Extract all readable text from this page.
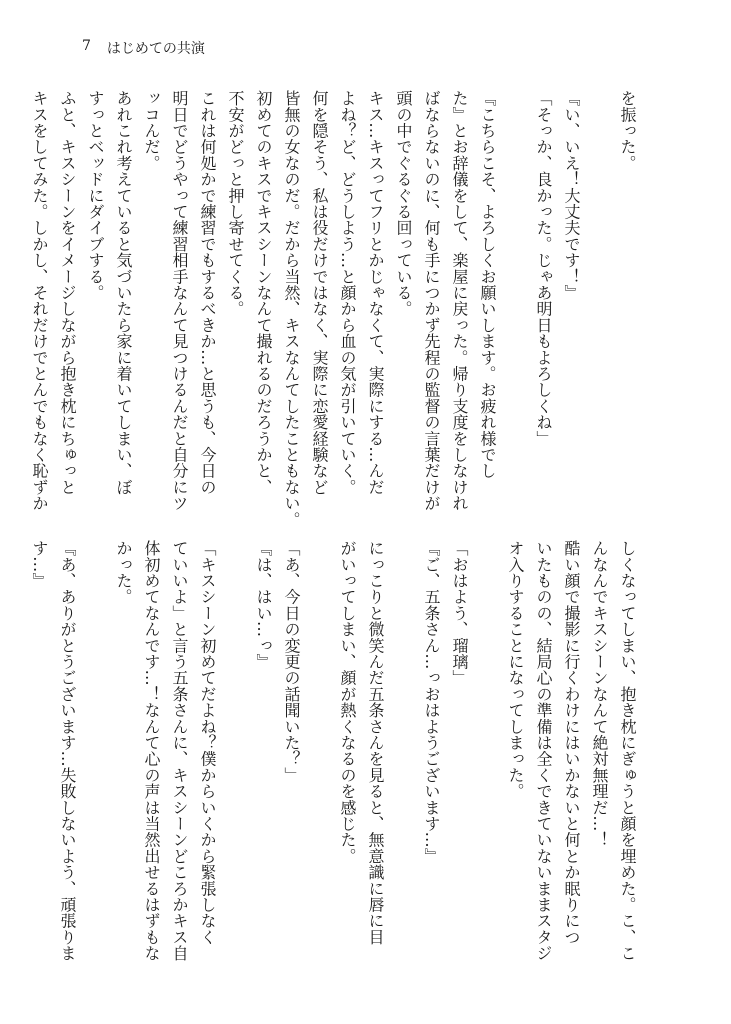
7 はじめての共演
を振った。
『い、いえ！大丈夫です！』
「そっか、良かった。じゃあ明日もよろしくね」
『こちらこそ、よろしくお願いします。お疲れ様でし
た』とお辞儀をして、楽屋に戻った。帰り支度をしなけれ
ばならないのに、何も手につかず先程の監督の言葉だけが
頭の中でぐるぐる回っている。
キス…キスってフリとかじゃなくて、実際にする…んだ
よね？ど、どうしよう…と顔から血の気が引いていく。
何を隠そう、私は役だけではなく、実際に恋愛経験など
皆無の女なのだ。だから当然、キスなんてしたこともない。
初めてのキスでキスシーンなんて撮れるのだろうかと、
不安がどっと押し寄せてくる。
これは何処かで練習でもするべきか…と思うも、今日の
明日でどうやって練習相手なんて見つけるんだと自分にツ
ッコんだ。
あれこれ考えていると気づいたら家に着いてしまい、ぼ
すっとベッドにダイブする。
ふと、キスシーンをイメージしながら抱き枕にちゅっと
キスをしてみた。しかし、それだけでとんでもなく恥ずか
しくなってしまい、抱き枕にぎゅうと顔を埋めた。こ、こ
んなんでキスシーンなんて絶対無理だ…！
酷い顔で撮影に行くわけにはいかないと何とか眠りにつ
いたものの、結局心の準備は全くできていないままスタジ
オ入りすることになってしまった。
「おはよう、瑠璃」
『ご、五条さん…っおはようございます…』
にっこりと微笑んだ五条さんを見ると、無意識に唇に目
がいってしまい、顔が熱くなるのを感じた。
「あ、今日の変更の話聞いた？」
『は、はい…っ』
「キスシーン初めてだよね？僕からいくから緊張しなく
ていいよ」と言う五条さんに、キスシーンどころかキス自
体初めてなんです…！なんて心の声は当然出せるはずもな
かった。
『あ、ありがとうございます…失敗しないよう、頑張りま
す…』
